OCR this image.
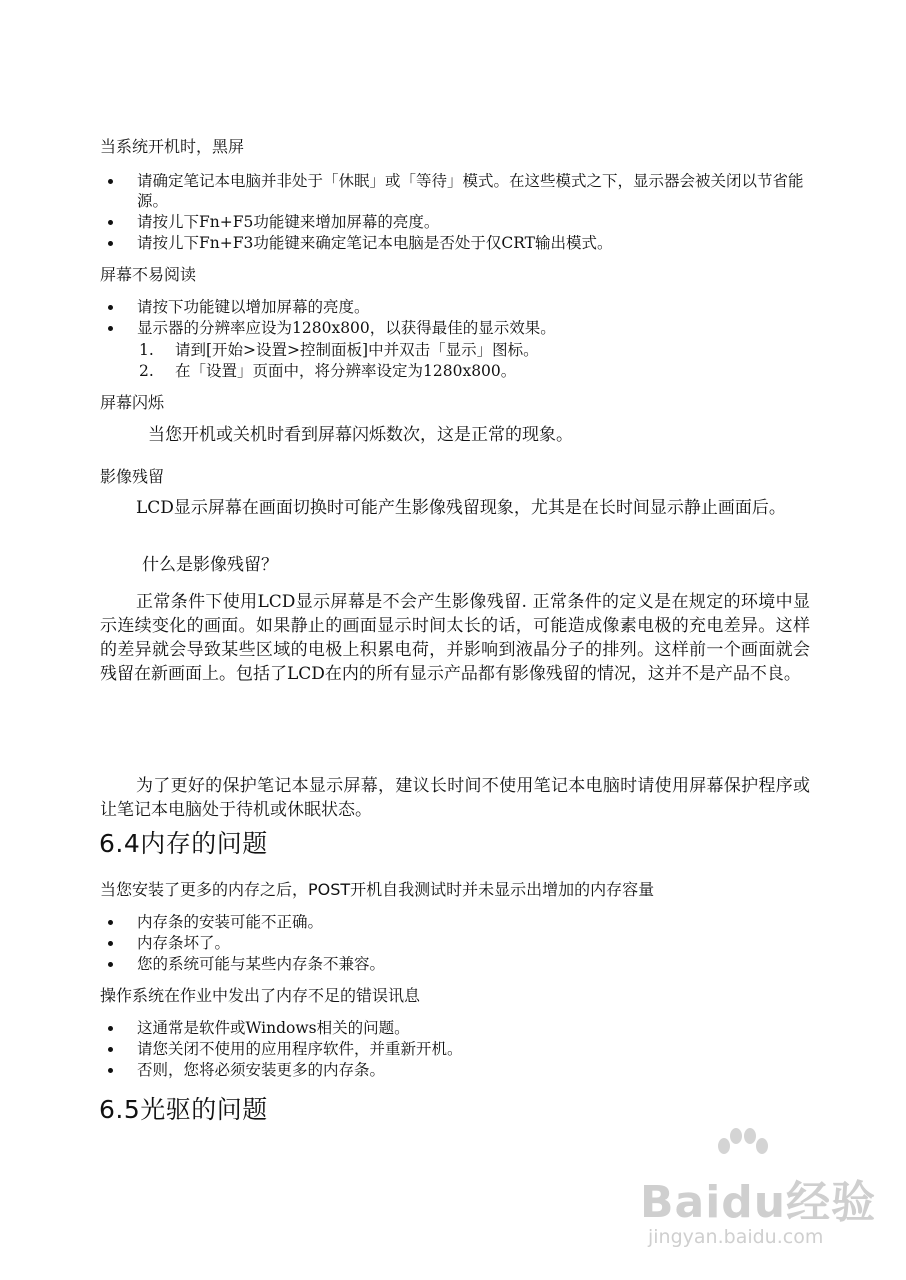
当系统开机时，黑屏
请确定笔记本电脑并非处于「休眠」或「等待」模式。在这些模式之下，显示器会被关闭以节省能源。
请按儿下Fn+F5功能键来增加屏幕的亮度。
请按儿下Fn+F3功能键来确定笔记本电脑是否处于仅CRT输出模式。
屏幕不易阅读
请按下功能键以增加屏幕的亮度。
显示器的分辨率应设为1280x800，以获得最佳的显示效果。
1. 请到[开始>设置>控制面板]中并双击「显示」图标。
2. 在「设置」页面中，将分辨率设定为1280x800。
屏幕闪烁
当您开机或关机时看到屏幕闪烁数次，这是正常的现象。
影像残留
LCD显示屏幕在画面切换时可能产生影像残留现象，尤其是在长时间显示静止画面后。
什么是影像残留？
正常条件下使用LCD显示屏幕是不会产生影像残留. 正常条件的定义是在规定的环境中显示连续变化的画面。如果静止的画面显示时间太长的话，可能造成像素电极的充电差异。这样的差异就会导致某些区域的电极上积累电荷，并影响到液晶分子的排列。这样前一个画面就会残留在新画面上。包括了LCD在内的所有显示产品都有影像残留的情况，这并不是产品不良。
为了更好的保护笔记本显示屏幕，建议长时间不使用笔记本电脑时请使用屏幕保护程序或让笔记本电脑处于待机或休眠状态。
6.4内存的问题
当您安装了更多的内存之后，POST开机自我测试时并未显示出增加的内存容量
内存条的安装可能不正确。
内存条坏了。
您的系统可能与某些内存条不兼容。
操作系统在作业中发出了内存不足的错误讯息
这通常是软件或Windows相关的问题。
请您关闭不使用的应用程序软件，并重新开机。
否则，您将必须安装更多的内存条。
6.5光驱的问题
Baidu经验
jingyan.baidu.com
